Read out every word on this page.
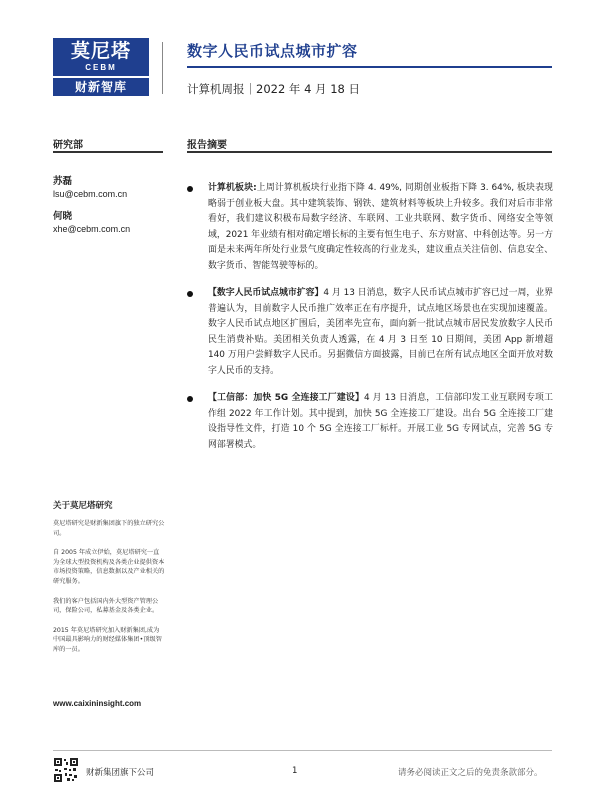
莫尼塔
CEBM
财新智库
数字人民币试点城市扩容
计算机周报｜2022 年 4 月 18 日
研究部	报告摘要
苏磊
lsu@cebm.com.cn
何晓
xhe@cebm.com.cn

计算机板块:上周计算机板块行业指下降 4. 49%, 同期创业板指下降 3. 64%, 板块表现略弱于创业板大盘。其中建筑装饰、钢铁、建筑材料等板块上升较多。我们对后市非常看好，我们建议积极布局数字经济、车联网、工业共联网、数字货币、网络安全等领域，2021 年业绩有相对确定增长标的主要有恒生电子、东方财富、中科创达等。另一方面是未来两年所处行业景气度确定性较高的行业龙头，建议重点关注信创、信息安全、数字货币、智能驾驶等标的。

【数字人民币试点城市扩容】4 月 13 日消息，数字人民币试点城市扩容已过一周，业界普遍认为，目前数字人民币推广效率正在有序提升，试点地区场景也在实现加速覆盖。数字人民币试点地区扩围后，美团率先宣布，面向新一批试点城市居民发放数字人民币民生消费补贴。美团相关负责人透露，在 4 月 3 日至 10 日期间，美团 App 新增超 140 万用户尝鲜数字人民币。另据微信方面披露，目前已在所有试点地区全面开放对数字人民币的支持。

【工信部：加快 5G 全连接工厂建设】4 月 13 日消息，工信部印发工业互联网专项工作组 2022 年工作计划。其中提到，加快 5G 全连接工厂建设。出台 5G 全连接工厂建设指导性文件，打造 10 个 5G 全连接工厂标杆。开展工业 5G 专网试点，完善 5G 专网部署模式。

关于莫尼塔研究

莫尼塔研究是财新集团旗下的独立研究公司。

自 2005 年成立伊始，莫尼塔研究一直为全球大型投资机构及各类企业提供资本市场投资策略，信息数据以及产业相关的研究服务。

我们的客户包括国内外大型资产管理公司，保险公司，私募基金及各类企业。

2015 年莫尼塔研究加入财新集团,成为中国最具影响力的财经媒体集团•顶级智库的一员。

www.caixininsight.com
财新集团旗下公司	1	请务必阅读正文之后的免责条款部分。
